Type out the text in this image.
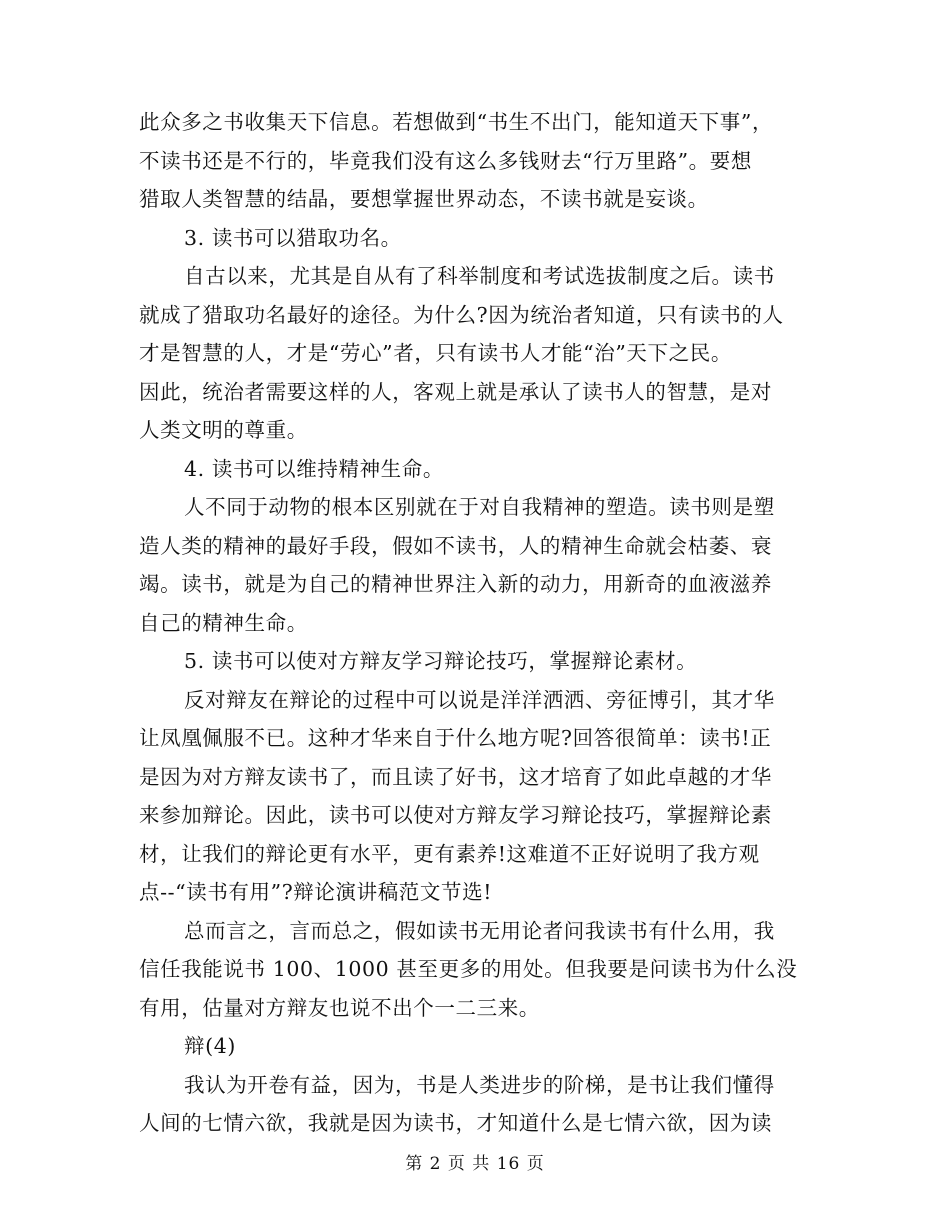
此众多之书收集天下信息。若想做到“书生不出门，能知道天下事”，
不读书还是不行的，毕竟我们没有这么多钱财去“行万里路”。要想
猎取人类智慧的结晶，要想掌握世界动态，不读书就是妄谈。
3. 读书可以猎取功名。
自古以来，尤其是自从有了科举制度和考试选拔制度之后。读书
就成了猎取功名最好的途径。为什么?因为统治者知道，只有读书的人
才是智慧的人，才是“劳心”者，只有读书人才能“治”天下之民。
因此，统治者需要这样的人，客观上就是承认了读书人的智慧，是对
人类文明的尊重。
4. 读书可以维持精神生命。
人不同于动物的根本区别就在于对自我精神的塑造。读书则是塑
造人类的精神的最好手段，假如不读书，人的精神生命就会枯萎、衰
竭。读书，就是为自己的精神世界注入新的动力，用新奇的血液滋养
自己的精神生命。
5. 读书可以使对方辩友学习辩论技巧，掌握辩论素材。
反对辩友在辩论的过程中可以说是洋洋洒洒、旁征博引，其才华
让凤凰佩服不已。这种才华来自于什么地方呢?回答很简单：读书!正
是因为对方辩友读书了，而且读了好书，这才培育了如此卓越的才华
来参加辩论。因此，读书可以使对方辩友学习辩论技巧，掌握辩论素
材，让我们的辩论更有水平，更有素养!这难道不正好说明了我方观
点--“读书有用”?辩论演讲稿范文节选!
总而言之，言而总之，假如读书无用论者问我读书有什么用，我
信任我能说书 100、1000 甚至更多的用处。但我要是问读书为什么没
有用，估量对方辩友也说不出个一二三来。
辩(4)
我认为开卷有益，因为，书是人类进步的阶梯，是书让我们懂得
人间的七情六欲，我就是因为读书，才知道什么是七情六欲，因为读
第 2 页 共 16 页
